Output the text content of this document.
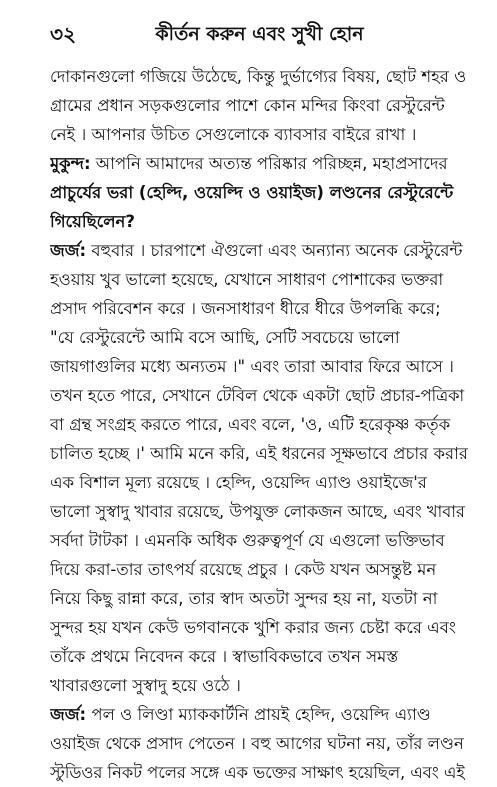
৩২	কীর্তন করুন এবং সুখী হোন
দোকানগুলো গজিয়ে উঠেছে, কিন্তু দুর্ভাগ্যের বিষয়, ছোট শহর ও
গ্রামের প্রধান সড়কগুলোর পাশে কোন মন্দির কিংবা রেস্টুরেন্ট
নেই । আপনার উচিত সেগুলোকে ব্যাবসার বাইরে রাখা ।
মুকুন্দ: আপনি আমাদের অত্যন্ত পরিষ্কার পরিচ্ছন্ন, মহাপ্রসাদের
প্রাচুর্যের ভরা (হেল্দি, ওয়েল্দি ও ওয়াইজ) লণ্ডনের রেস্টুরেন্টে
গিয়েছিলেন?
জর্জ: বহুবার । চারপাশে ঐগুলো এবং অন্যান্য অনেক রেস্টুরেন্ট
হওয়ায় খুব ভালো হয়েছে, যেখানে সাধারণ পোশাকের ভক্তরা
প্রসাদ পরিবেশন করে । জনসাধারণ ধীরে ধীরে উপলব্ধি করে;
"যে রেস্টুরেন্টে আমি বসে আছি, সেটি সবচেয়ে ভালো
জায়গাগুলির মধ্যে অন্যতম ।" এবং তারা আবার ফিরে আসে ।
তখন হতে পারে, সেখানে টেবিল থেকে একটা ছোট প্রচার-পত্রিকা
বা গ্রন্থ সংগ্রহ করতে পারে, এবং বলে, 'ও, এটি হরেকৃষ্ণ কর্তৃক
চালিত হচ্ছে ।' আমি মনে করি, এই ধরনের সূক্ষভাবে প্রচার করার
এক বিশাল মূল্য রয়েছে । হেল্দি, ওয়েল্দি এ্যাণ্ড ওয়াইজে'র
ভালো সুস্বাদু খাবার রয়েছে, উপযুক্ত লোকজন আছে, এবং খাবার
সর্বদা টাটকা । এমনকি অধিক গুরুত্বপূর্ণ যে এগুলো ভক্তিভাব
দিয়ে করা-তার তাৎপর্য রয়েছে প্রচুর । কেউ যখন অসন্তুষ্ট মন
নিয়ে কিছু রান্না করে, তার স্বাদ অতটা সুন্দর হয় না, যতটা না
সুন্দর হয় যখন কেউ ভগবানকে খুশি করার জন্য চেষ্টা করে এবং
তাঁকে প্রথমে নিবেদন করে । স্বাভাবিকভাবে তখন সমস্ত
খাবারগুলো সুস্বাদু হয়ে ওঠে ।
জর্জ: পল ও লিণ্ডা ম্যাককার্টনি প্রায়ই হেল্দি, ওয়েল্দি এ্যাণ্ড
ওয়াইজ থেকে প্রসাদ পেতেন । বহু আগের ঘটনা নয়, তাঁর লণ্ডন
স্টুডিওর নিকট পলের সঙ্গে এক ভক্তের সাক্ষাৎ হয়েছিল, এবং এই
